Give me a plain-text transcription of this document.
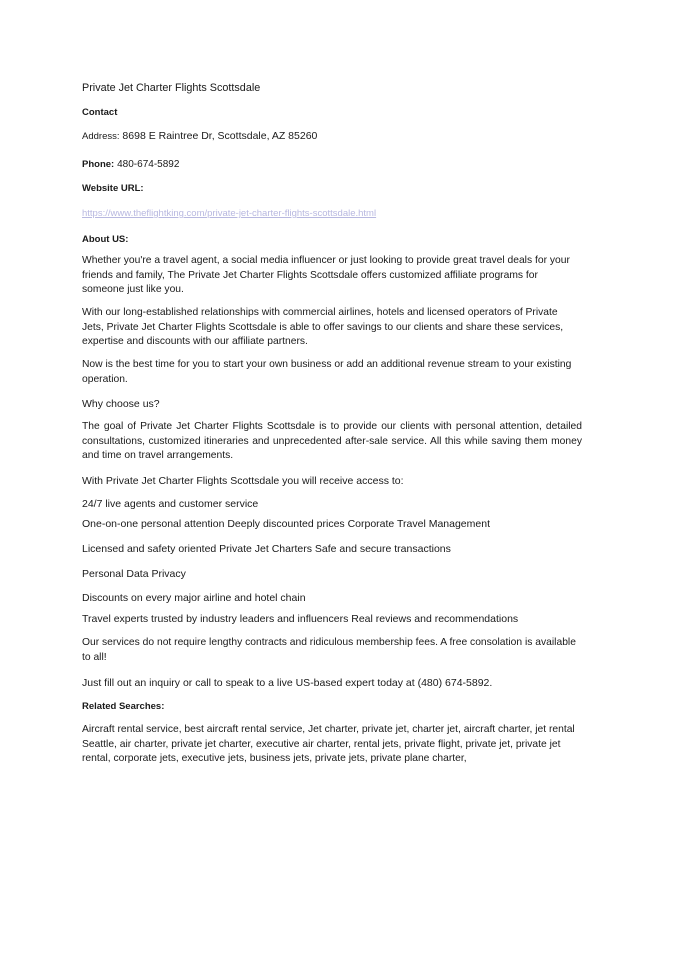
Private Jet Charter Flights Scottsdale
Contact
Address: 8698 E Raintree Dr, Scottsdale, AZ 85260
Phone: 480-674-5892
Website URL:
https://www.theflightking.com/private-jet-charter-flights-scottsdale.html
About US:
Whether you're a travel agent, a social media influencer or just looking to provide great travel deals for your friends and family, The Private Jet Charter Flights Scottsdale offers customized affiliate programs for someone just like you.
With our long-established relationships with commercial airlines, hotels and licensed operators of Private Jets, Private Jet Charter Flights Scottsdale is able to offer savings to our clients and share these services, expertise and discounts with our affiliate partners.
Now is the best time for you to start your own business or add an additional revenue stream to your existing operation.
Why choose us?
The goal of Private Jet Charter Flights Scottsdale is to provide our clients with personal attention, detailed consultations, customized itineraries and unprecedented after-sale service. All this while saving them money and time on travel arrangements.
With Private Jet Charter Flights Scottsdale you will receive access to:
24/7 live agents and customer service
One-on-one personal attention Deeply discounted prices Corporate Travel Management
Licensed and safety oriented Private Jet Charters Safe and secure transactions
Personal Data Privacy
Discounts on every major airline and hotel chain
Travel experts trusted by industry leaders and influencers Real reviews and recommendations
Our services do not require lengthy contracts and ridiculous membership fees. A free consolation is available to all!
Just fill out an inquiry or call to speak to a live US-based expert today at (480) 674-5892.
Related Searches:
Aircraft rental service, best aircraft rental service, Jet charter, private jet, charter jet, aircraft charter, jet rental Seattle, air charter, private jet charter, executive air charter, rental jets, private flight, private jet, private jet rental, corporate jets, executive jets, business jets, private jets, private plane charter,
